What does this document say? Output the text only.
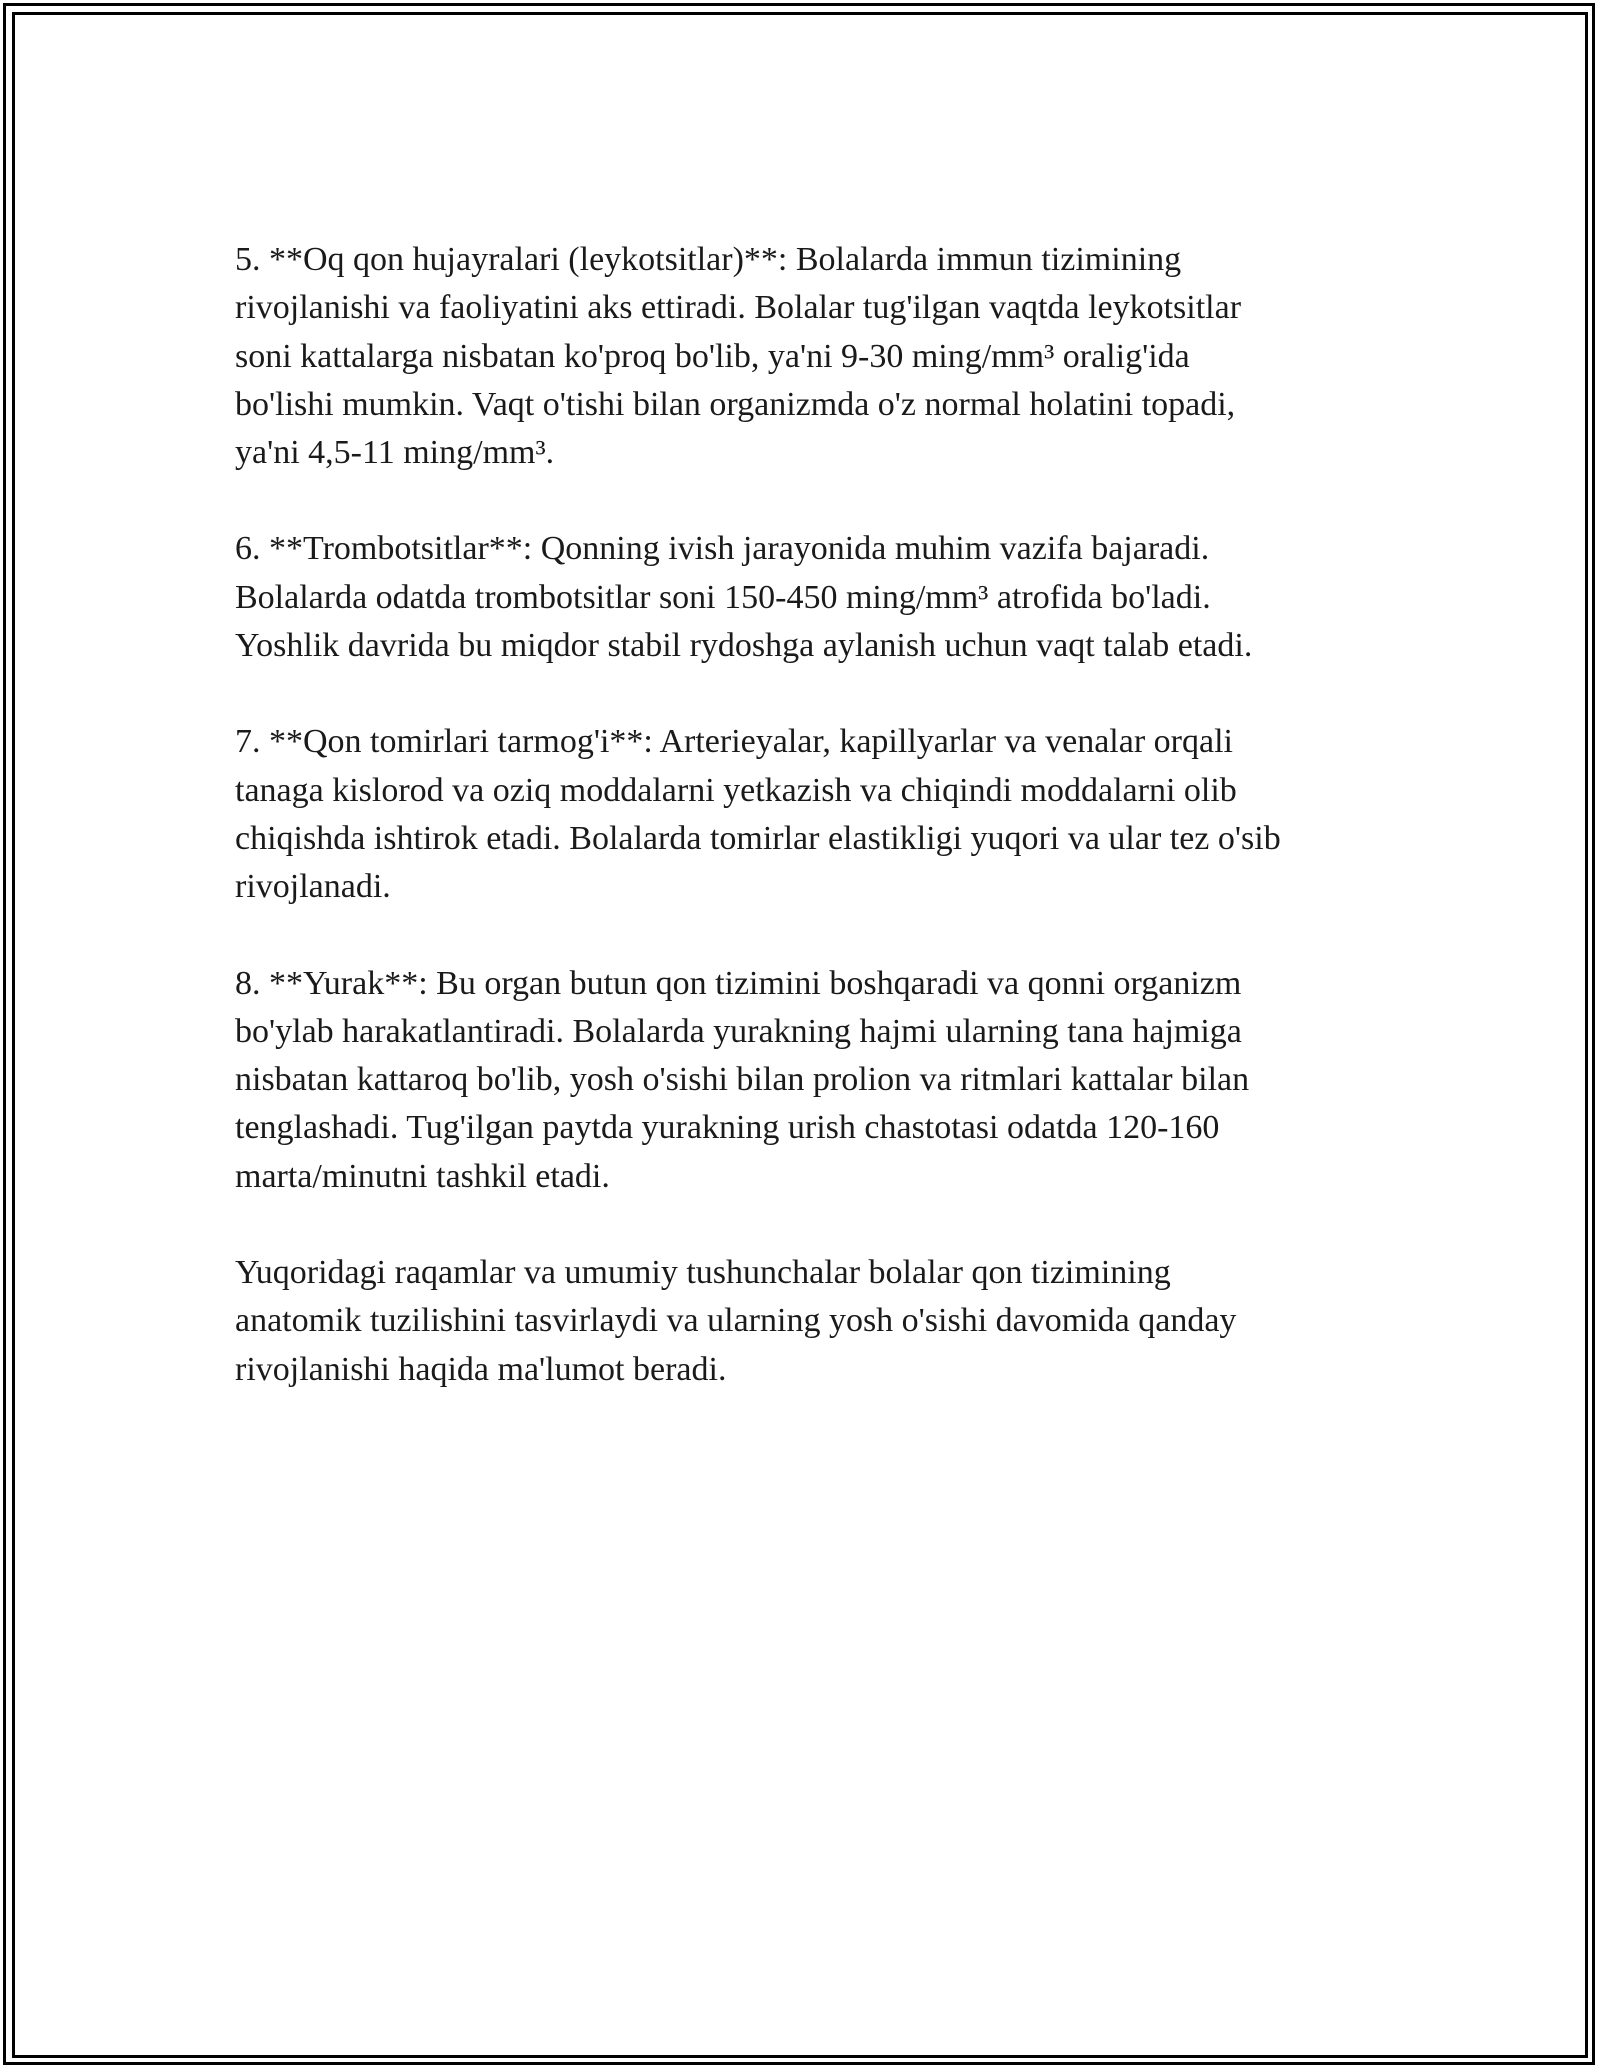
5. **Oq qon hujayralari (leykotsitlar)**: Bolalarda immun tizimining
rivojlanishi va faoliyatini aks ettiradi. Bolalar tug'ilgan vaqtda leykotsitlar
soni kattalarga nisbatan ko'proq bo'lib, ya'ni 9-30 ming/mm³ oralig'ida
bo'lishi mumkin. Vaqt o'tishi bilan organizmda o'z normal holatini topadi,
ya'ni 4,5-11 ming/mm³.

6. **Trombotsitlar**: Qonning ivish jarayonida muhim vazifa bajaradi.
Bolalarda odatda trombotsitlar soni 150-450 ming/mm³ atrofida bo'ladi.
Yoshlik davrida bu miqdor stabil rydoshga aylanish uchun vaqt talab etadi.

7. **Qon tomirlari tarmog'i**: Arterieyalar, kapillyarlar va venalar orqali
tanaga kislorod va oziq moddalarni yetkazish va chiqindi moddalarni olib
chiqishda ishtirok etadi. Bolalarda tomirlar elastikligi yuqori va ular tez o'sib
rivojlanadi.

8. **Yurak**: Bu organ butun qon tizimini boshqaradi va qonni organizm
bo'ylab harakatlantiradi. Bolalarda yurakning hajmi ularning tana hajmiga
nisbatan kattaroq bo'lib, yosh o'sishi bilan prolion va ritmlari kattalar bilan
tenglashadi. Tug'ilgan paytda yurakning urish chastotasi odatda 120-160
marta/minutni tashkil etadi.

Yuqoridagi raqamlar va umumiy tushunchalar bolalar qon tizimining
anatomik tuzilishini tasvirlaydi va ularning yosh o'sishi davomida qanday
rivojlanishi haqida ma'lumot beradi.
